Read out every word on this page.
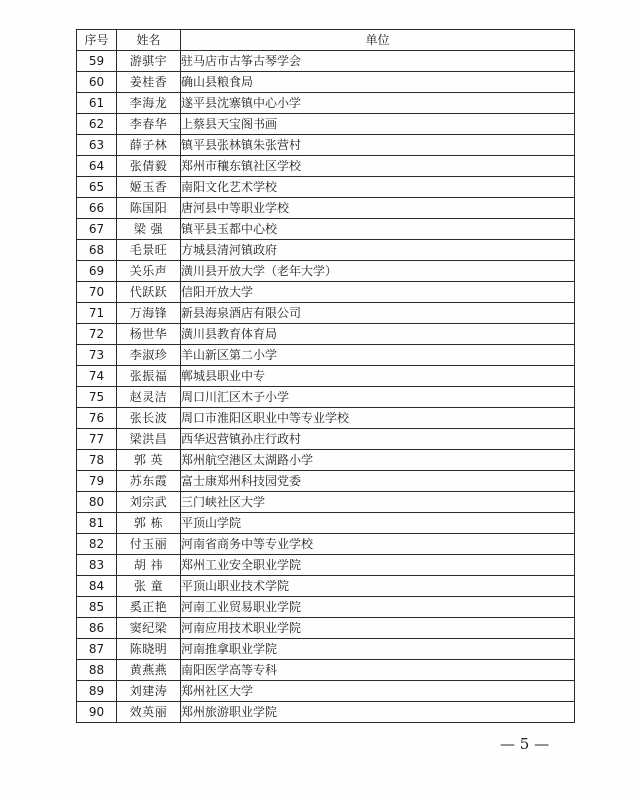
序号	姓名	单位
59	游骐宇	驻马店市古筝古琴学会
60	姜桂香	确山县粮食局
61	李海龙	遂平县沈寨镇中心小学
62	李春华	上蔡县天宝阁书画
63	薛子林	镇平县张林镇朱张营村
64	张倩毅	郑州市穰东镇社区学校
65	姬玉香	南阳文化艺术学校
66	陈国阳	唐河县中等职业学校
67	梁 强	镇平县玉都中心校
68	毛景旺	方城县清河镇政府
69	关乐声	潢川县开放大学（老年大学）
70	代跃跃	信阳开放大学
71	万海锋	新县海泉酒店有限公司
72	杨世华	潢川县教育体育局
73	李淑珍	羊山新区第二小学
74	张振福	郸城县职业中专
75	赵灵洁	周口川汇区木子小学
76	张长波	周口市淮阳区职业中等专业学校
77	梁洪昌	西华迟营镇孙庄行政村
78	郭 英	郑州航空港区太湖路小学
79	苏东霞	富士康郑州科技园党委
80	刘宗武	三门峡社区大学
81	郭 栋	平顶山学院
82	付玉丽	河南省商务中等专业学校
83	胡 祎	郑州工业安全职业学院
84	张 童	平顶山职业技术学院
85	奚正艳	河南工业贸易职业学院
86	窦纪梁	河南应用技术职业学院
87	陈晓明	河南推拿职业学院
88	黄燕燕	南阳医学高等专科
89	刘建涛	郑州社区大学
90	效英丽	郑州旅游职业学院
— 5 —
